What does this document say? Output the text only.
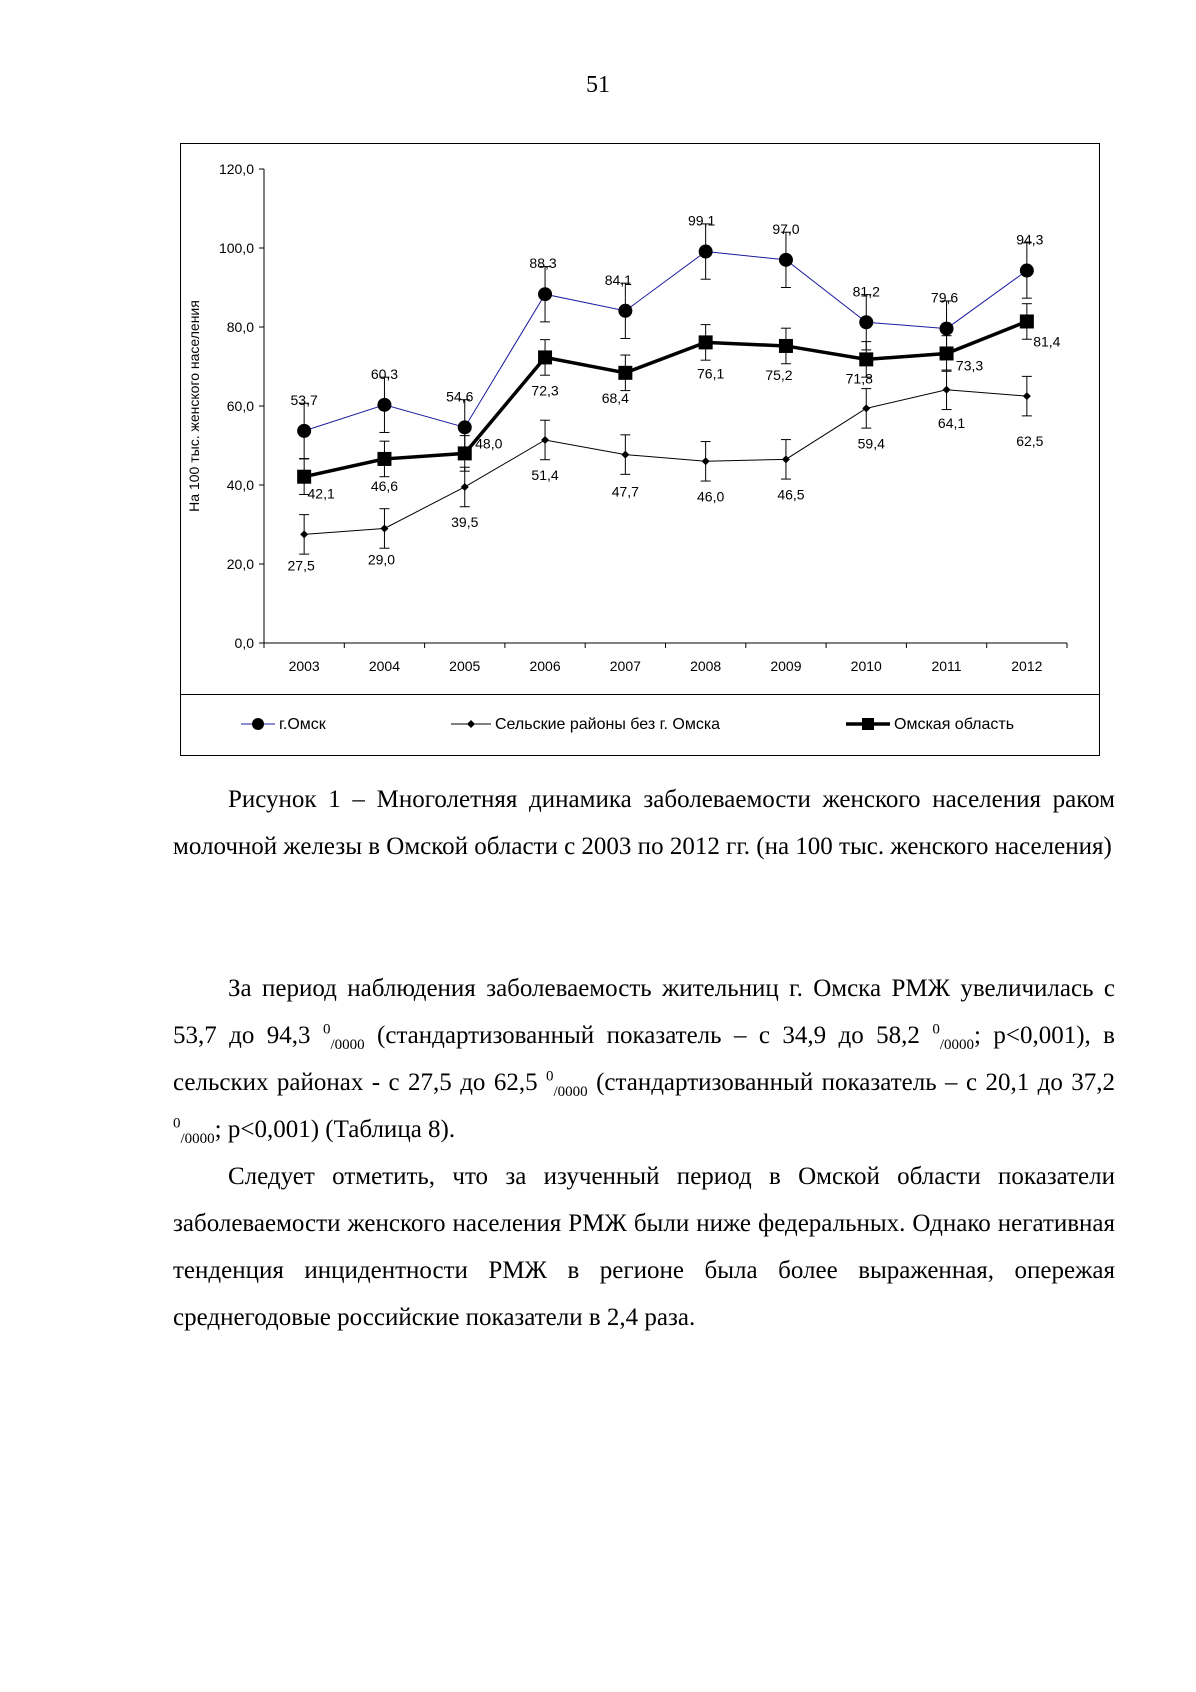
51
0,0
20,0
40,0
60,0
80,0
100,0
120,0
2003	2004	2005	2006	2007	2008	2009	2010	2011	2012
На 100 тыс. женского населения	53,7
60,3
54,6
88,3
84,1
99,1
97,0
81,2	79,6
94,3
27,5	29,0
39,5
51,4
47,7	46,0	46,5
59,4
64,1
62,5
42,1	46,6
48,0
72,3	68,4
76,1	75,2	71,8
73,3
81,4
г.Омск	Сельские районы без г. Омска	Омская область

Рисунок 1 – Многолетняя динамика заболеваемости женского населения раком молочной железы в Омской области с 2003 по 2012 гг. (на 100 тыс. женского населения)

За период наблюдения заболеваемость жительниц г. Омска РМЖ увеличилась с 53,7 до 94,3 $^0_{/0000}$ (стандартизованный показатель – с 34,9 до 58,2 $^0_{/0000}$; p<0,001), в сельских районах - с 27,5 до 62,5 $^0_{/0000}$ (стандартизованный показатель – с 20,1 до 37,2 $^0_{/0000}$; p<0,001) (Таблица 8).

Следует отметить, что за изученный период в Омской области показатели заболеваемости женского населения РМЖ были ниже федеральных. Однако негативная тенденция инцидентности РМЖ в регионе была более выраженная, опережая среднегодовые российские показатели в 2,4 раза.
